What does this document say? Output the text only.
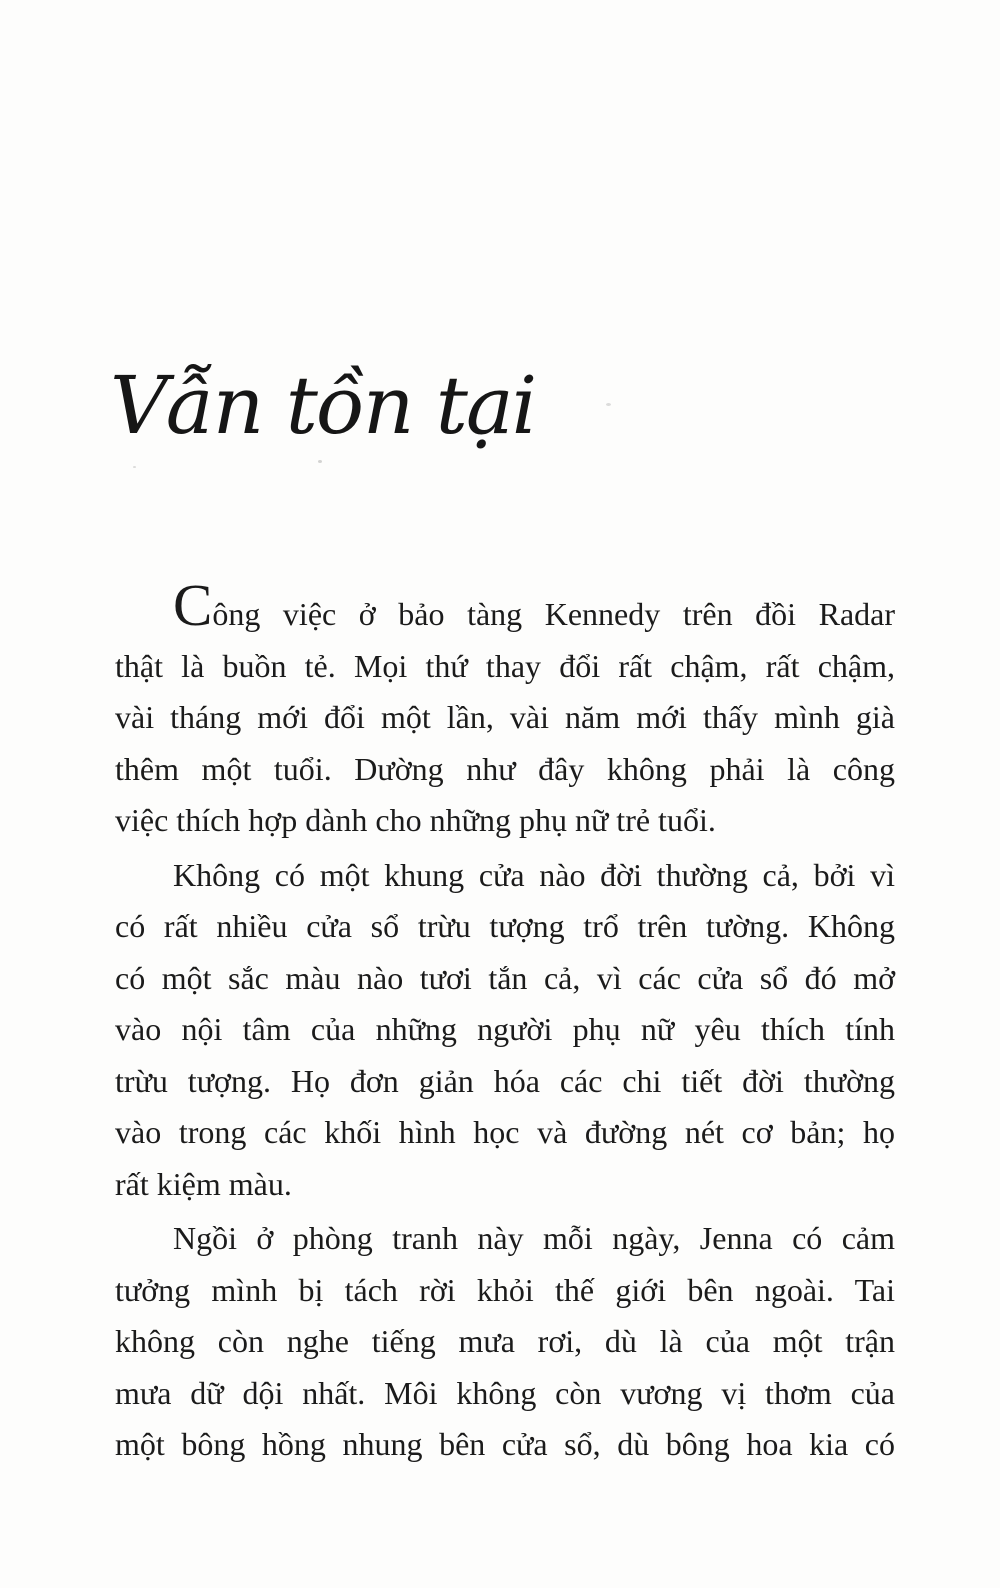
Vẫn tồn tại
Công việc ở bảo tàng Kennedy trên đồi Radar
thật là buồn tẻ. Mọi thứ thay đổi rất chậm, rất chậm,
vài tháng mới đổi một lần, vài năm mới thấy mình già
thêm một tuổi. Dường như đây không phải là công
việc thích hợp dành cho những phụ nữ trẻ tuổi.
Không có một khung cửa nào đời thường cả, bởi vì
có rất nhiều cửa sổ trừu tượng trổ trên tường. Không
có một sắc màu nào tươi tắn cả, vì các cửa sổ đó mở
vào nội tâm của những người phụ nữ yêu thích tính
trừu tượng. Họ đơn giản hóa các chi tiết đời thường
vào trong các khối hình học và đường nét cơ bản; họ
rất kiệm màu.
Ngồi ở phòng tranh này mỗi ngày, Jenna có cảm
tưởng mình bị tách rời khỏi thế giới bên ngoài. Tai
không còn nghe tiếng mưa rơi, dù là của một trận
mưa dữ dội nhất. Môi không còn vương vị thơm của
một bông hồng nhung bên cửa sổ, dù bông hoa kia có
